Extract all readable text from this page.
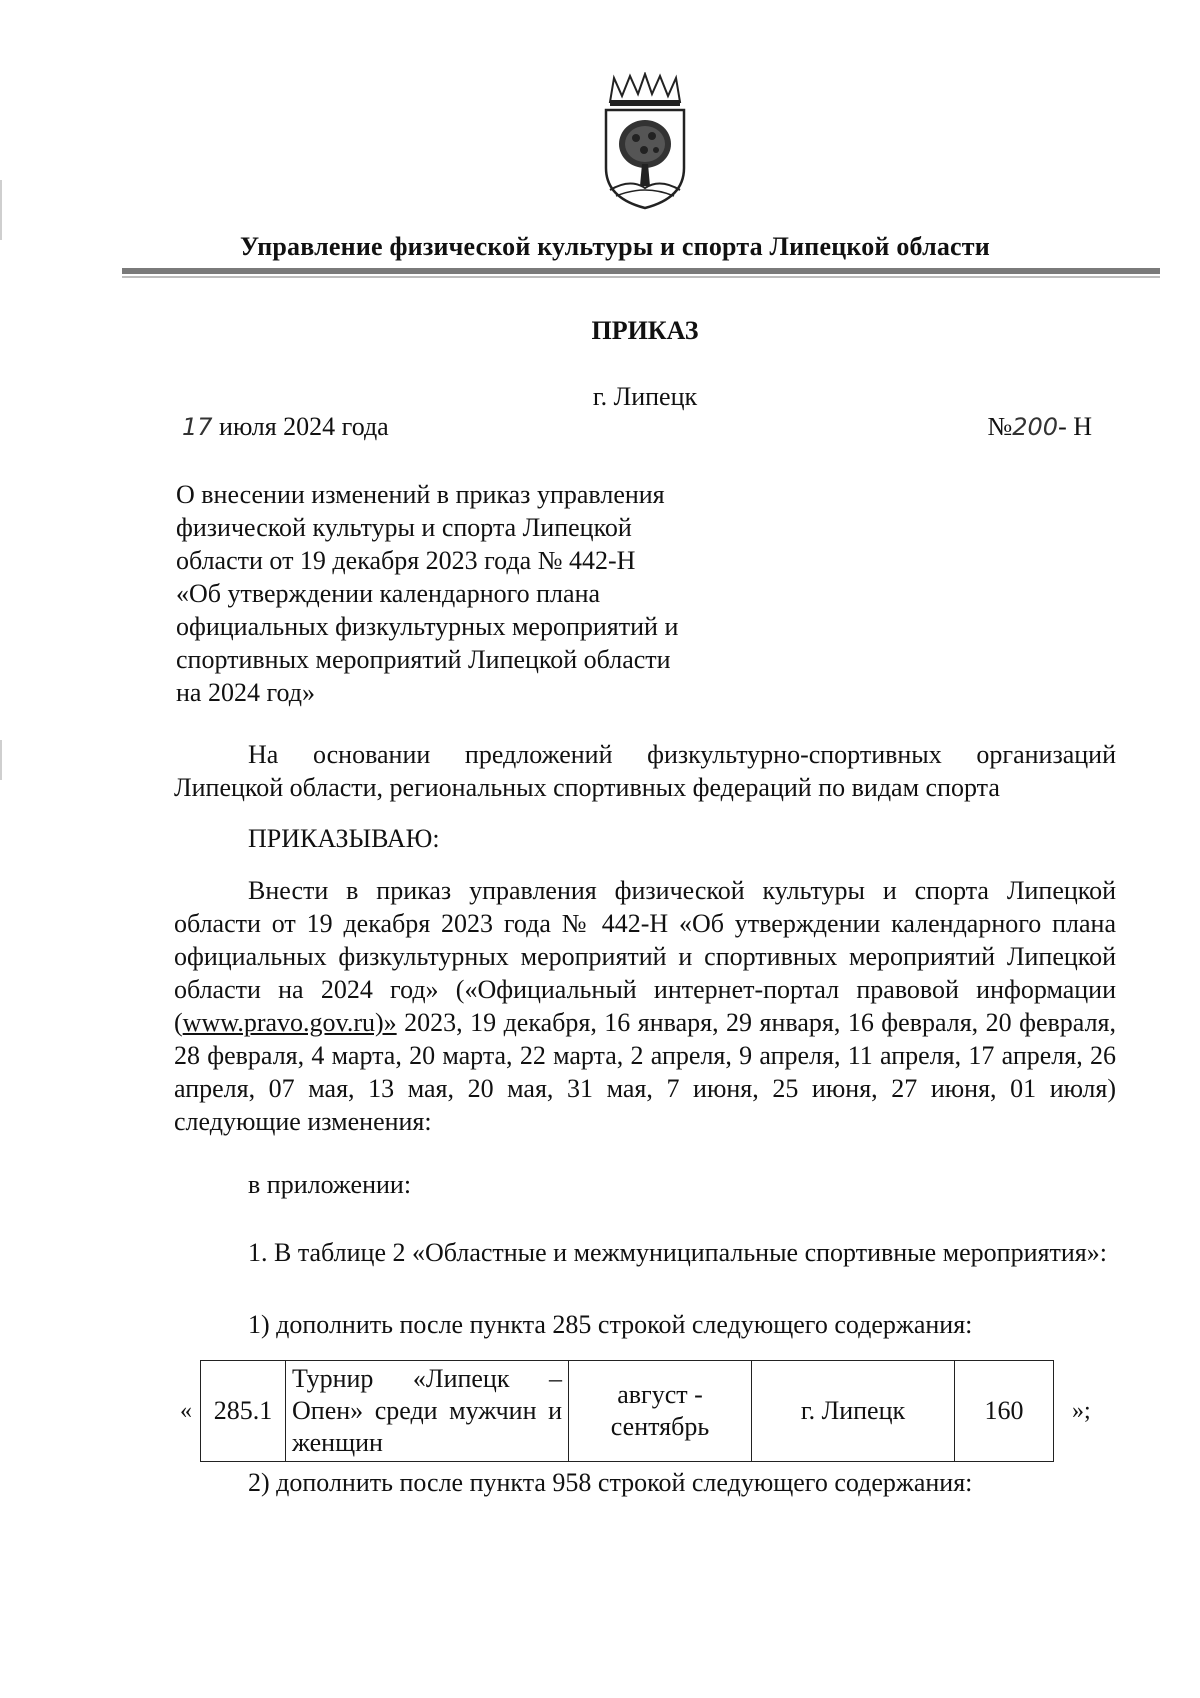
Управление физической культуры и спорта Липецкой области
ПРИКАЗ
г. Липецк
17 июля 2024 года	№200- Н
О внесении изменений в приказ управления
физической культуры и спорта Липецкой
области от 19 декабря 2023 года № 442-Н
«Об утверждении календарного плана
официальных физкультурных мероприятий и
спортивных мероприятий Липецкой области
на 2024 год»
На основании предложений физкультурно-спортивных организаций Липецкой области, региональных спортивных федераций по видам спорта
ПРИКАЗЫВАЮ:
Внести в приказ управления физической культуры и спорта Липецкой области от 19 декабря 2023 года № 442-Н «Об утверждении календарного плана официальных физкультурных мероприятий и спортивных мероприятий Липецкой области на 2024 год» («Официальный интернет-портал правовой информации (www.pravo.gov.ru)» 2023, 19 декабря, 16 января, 29 января, 16 февраля, 20 февраля, 28 февраля, 4 марта, 20 марта, 22 марта, 2 апреля, 9 апреля, 11 апреля, 17 апреля, 26 апреля, 07 мая, 13 мая, 20 мая, 31 мая, 7 июня, 25 июня, 27 июня, 01 июля) следующие изменения:
в приложении:
1. В таблице 2 «Областные и межмуниципальные спортивные мероприятия»:
1) дополнить после пункта 285 строкой следующего содержания:
« 285.1	Турнир «Липецк – Опен» среди мужчин и женщин	август - сентябрь	г. Липецк	160 »;
2) дополнить после пункта 958 строкой следующего содержания:
